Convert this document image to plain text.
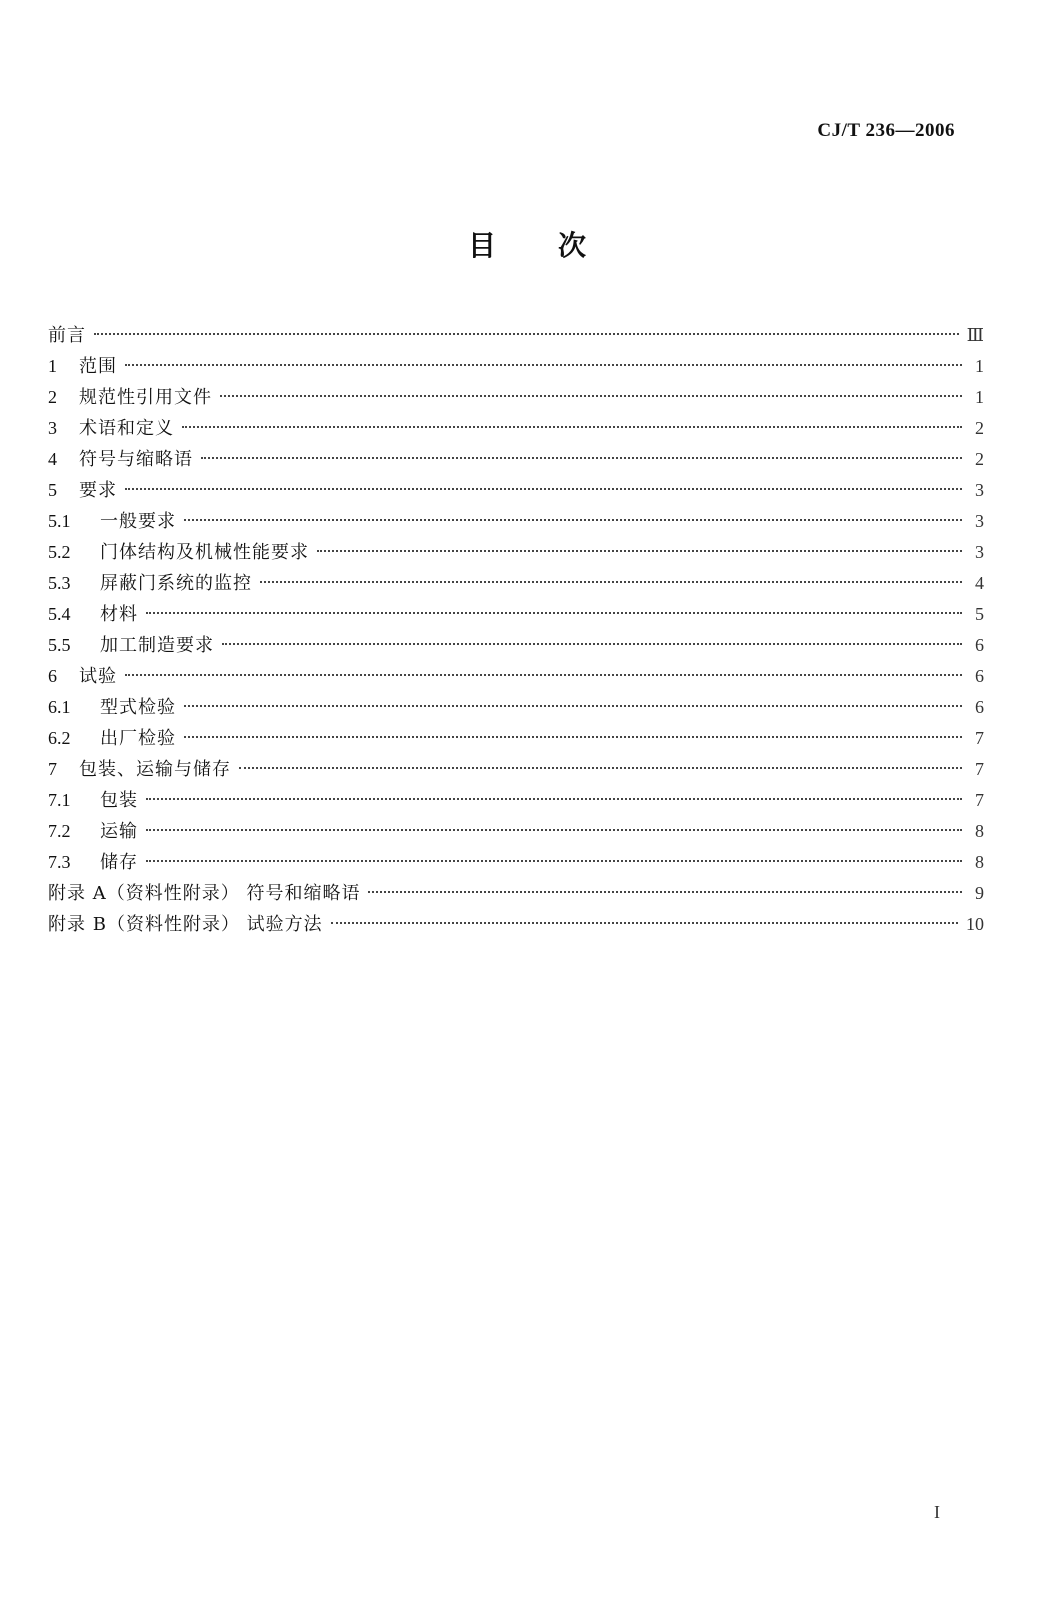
CJ/T 236—2006
目次
前言	Ⅲ
1	范围	1
2	规范性引用文件	1
3	术语和定义	2
4	符号与缩略语	2
5	要求	3
5.1	一般要求	3
5.2	门体结构及机械性能要求	3
5.3	屏蔽门系统的监控	4
5.4	材料	5
5.5	加工制造要求	6
6	试验	6
6.1	型式检验	6
6.2	出厂检验	7
7	包装、运输与储存	7
7.1	包装	7
7.2	运输	8
7.3	储存	8
附录 A（资料性附录） 符号和缩略语	9
附录 B（资料性附录） 试验方法	10
I
